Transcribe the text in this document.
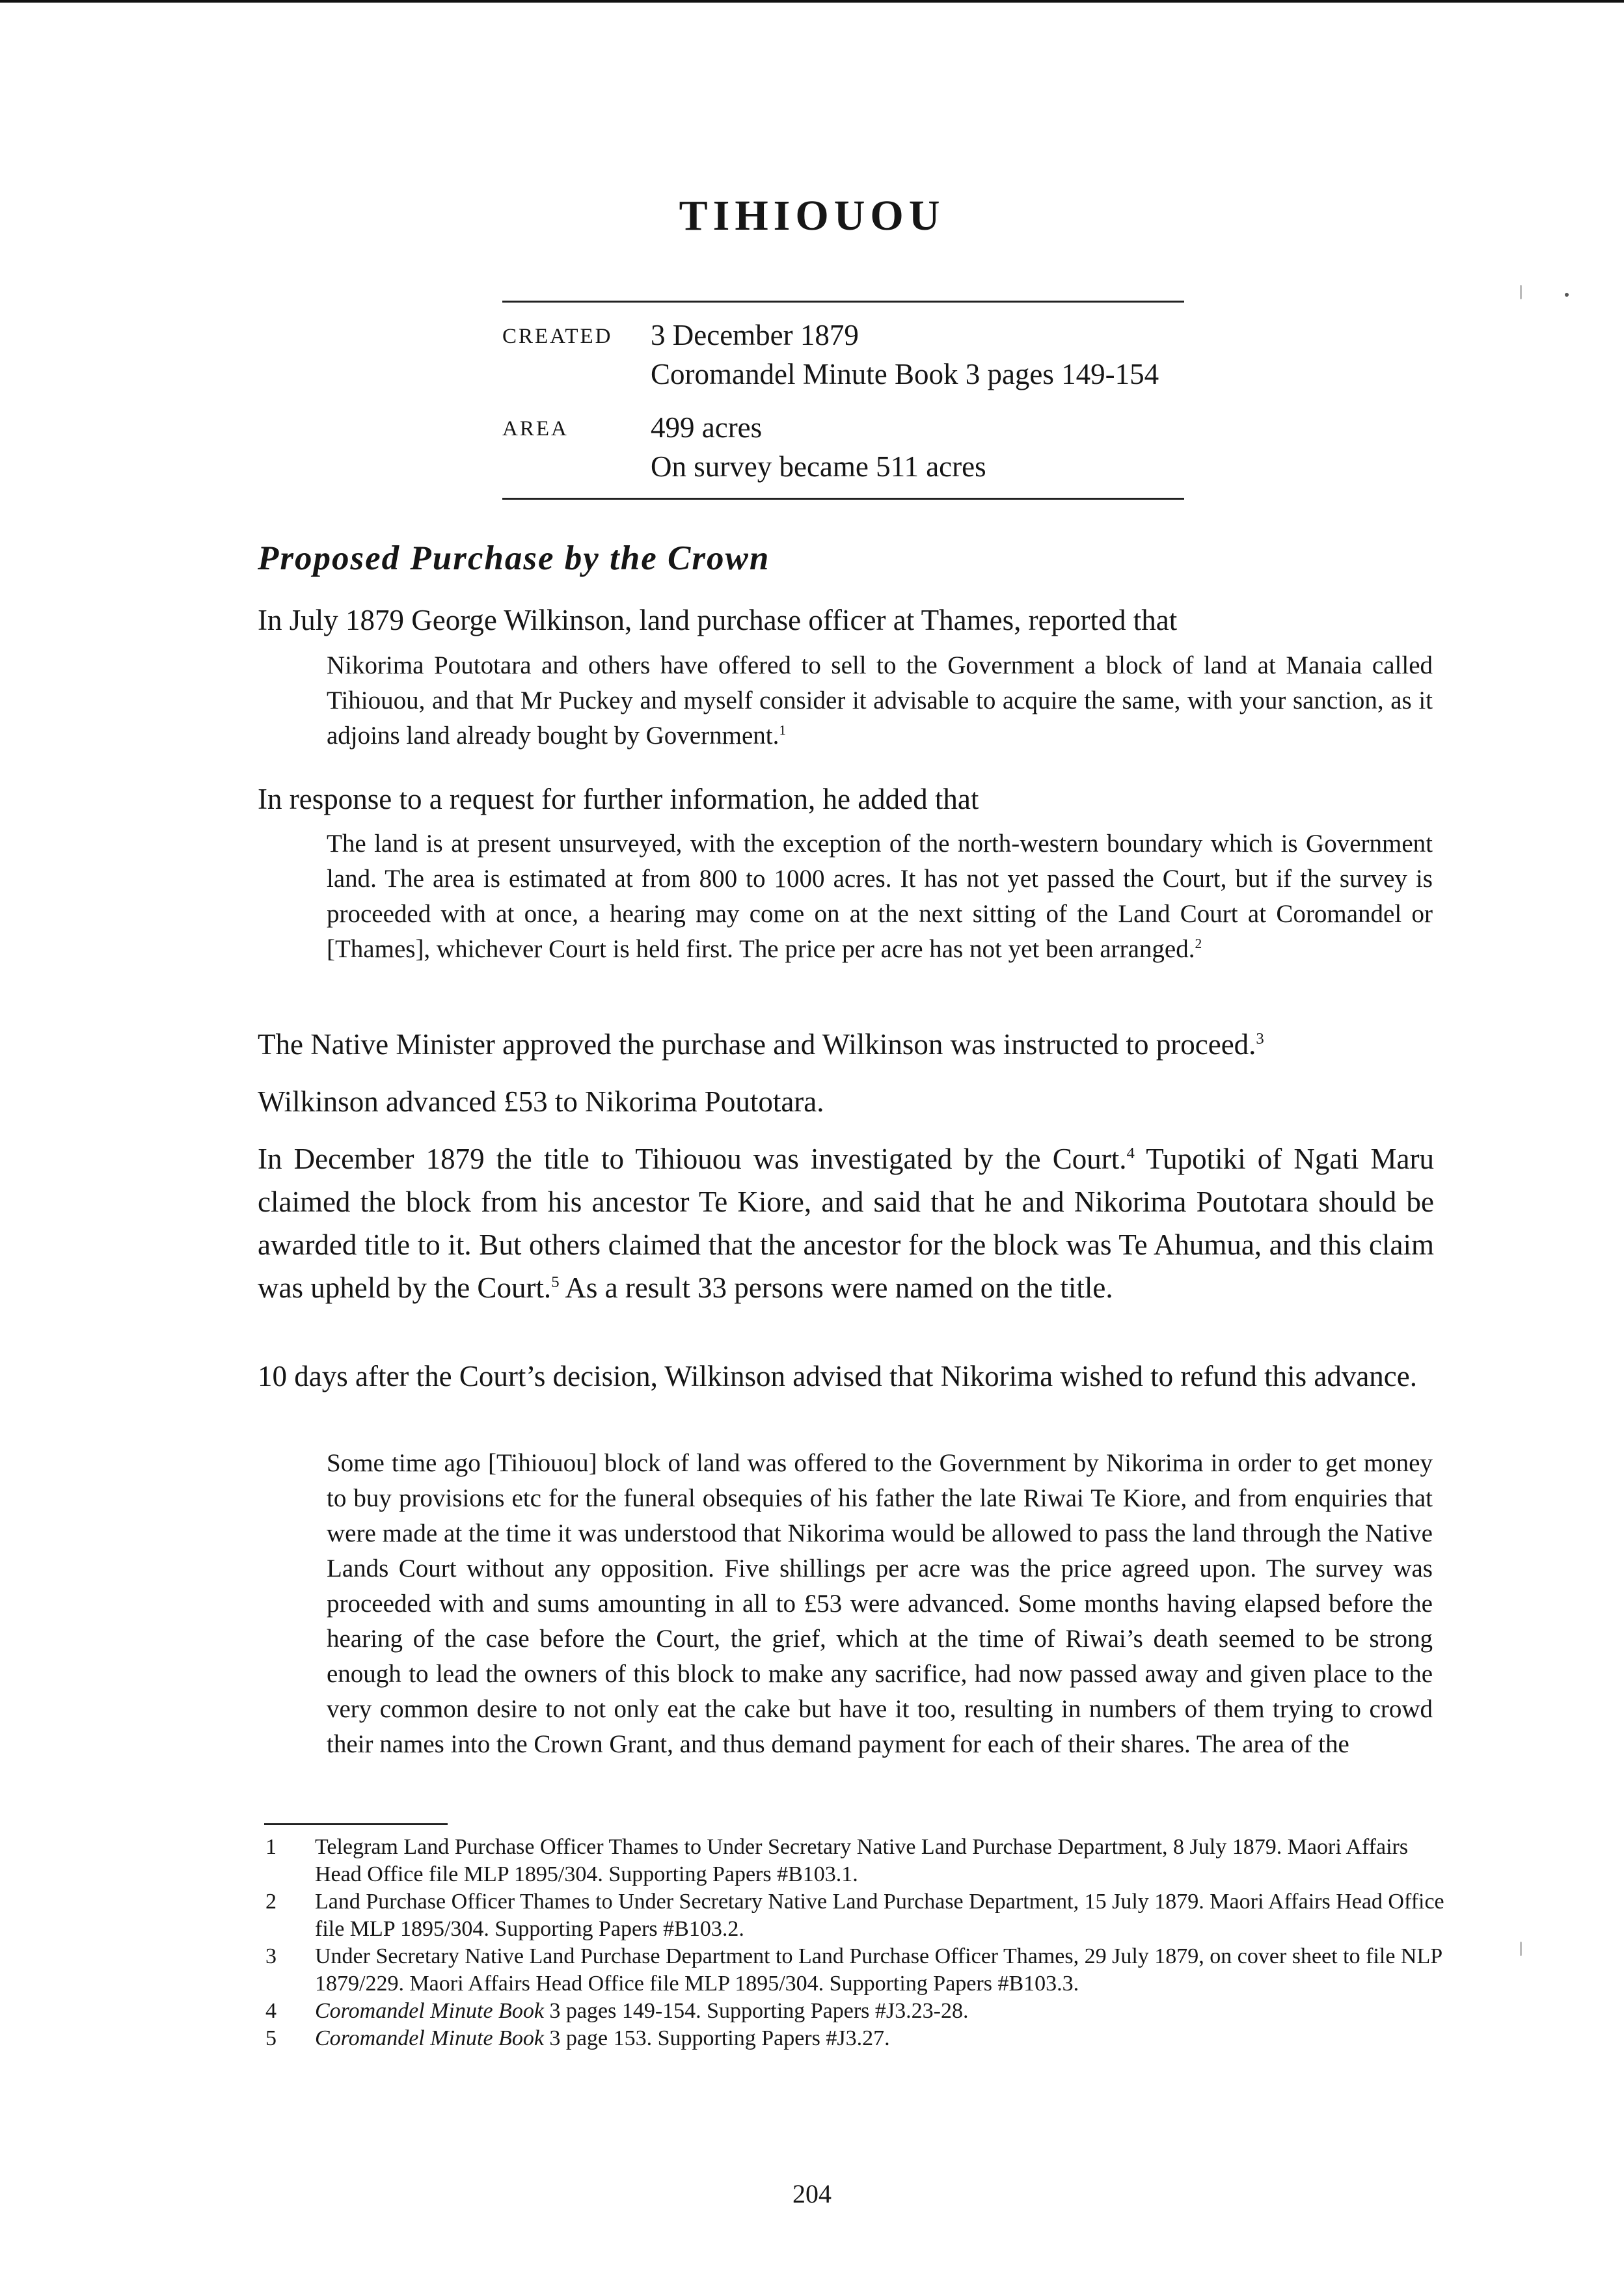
TIHIOUOU
CREATED	3 December 1879
Coromandel Minute Book 3 pages 149-154
AREA	499 acres
On survey became 511 acres
Proposed Purchase by the Crown

In July 1879 George Wilkinson, land purchase officer at Thames, reported that

Nikorima Poutotara and others have offered to sell to the Government a block of land at Manaia called Tihiouou, and that Mr Puckey and myself consider it advisable to acquire the same, with your sanction, as it adjoins land already bought by Government.$^1$

In response to a request for further information, he added that

The land is at present unsurveyed, with the exception of the north-western boundary which is Government land. The area is estimated at from 800 to 1000 acres. It has not yet passed the Court, but if the survey is proceeded with at once, a hearing may come on at the next sitting of the Land Court at Coromandel or [Thames], whichever Court is held first. The price per acre has not yet been arranged.$^2$

The Native Minister approved the purchase and Wilkinson was instructed to proceed.$^3$

Wilkinson advanced £53 to Nikorima Poutotara.

In December 1879 the title to Tihiouou was investigated by the Court.$^4$ Tupotiki of Ngati Maru claimed the block from his ancestor Te Kiore, and said that he and Nikorima Poutotara should be awarded title to it. But others claimed that the ancestor for the block was Te Ahumua, and this claim was upheld by the Court.$^5$ As a result 33 persons were named on the title.

10 days after the Court’s decision, Wilkinson advised that Nikorima wished to refund this advance.

Some time ago [Tihiouou] block of land was offered to the Government by Nikorima in order to get money to buy provisions etc for the funeral obsequies of his father the late Riwai Te Kiore, and from enquiries that were made at the time it was understood that Nikorima would be allowed to pass the land through the Native Lands Court without any opposition. Five shillings per acre was the price agreed upon. The survey was proceeded with and sums amounting in all to £53 were advanced. Some months having elapsed before the hearing of the case before the Court, the grief, which at the time of Riwai’s death seemed to be strong enough to lead the owners of this block to make any sacrifice, had now passed away and given place to the very common desire to not only eat the cake but have it too, resulting in numbers of them trying to crowd their names into the Crown Grant, and thus demand payment for each of their shares. The area of the

1	Telegram Land Purchase Officer Thames to Under Secretary Native Land Purchase Department, 8 July 1879. Maori Affairs Head Office file MLP 1895/304. Supporting Papers #B103.1.
2	Land Purchase Officer Thames to Under Secretary Native Land Purchase Department, 15 July 1879. Maori Affairs Head Office file MLP 1895/304. Supporting Papers #B103.2.
3	Under Secretary Native Land Purchase Department to Land Purchase Officer Thames, 29 July 1879, on cover sheet to file NLP 1879/229. Maori Affairs Head Office file MLP 1895/304. Supporting Papers #B103.3.
4	Coromandel Minute Book 3 pages 149-154. Supporting Papers #J3.23-28.
5	Coromandel Minute Book 3 page 153. Supporting Papers #J3.27.
204
